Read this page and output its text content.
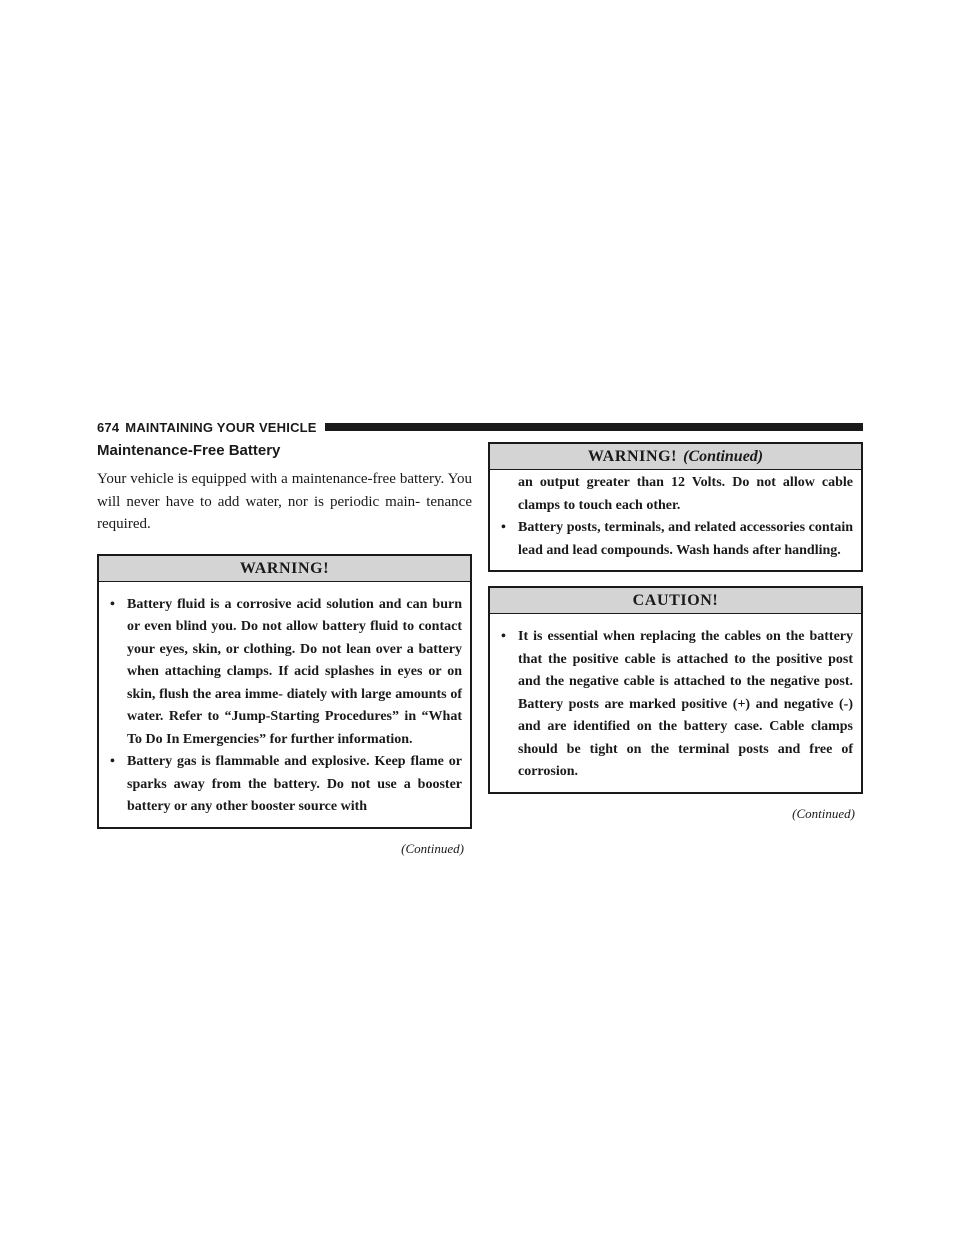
674 MAINTAINING YOUR VEHICLE
Maintenance-Free Battery

Your vehicle is equipped with a maintenance-free battery. You will never have to add water, nor is periodic main- tenance required.

WARNING!
• Battery fluid is a corrosive acid solution and can burn or even blind you. Do not allow battery fluid to contact your eyes, skin, or clothing. Do not lean over a battery when attaching clamps. If acid splashes in eyes or on skin, flush the area imme- diately with large amounts of water. Refer to “Jump-Starting Procedures” in “What To Do In Emergencies” for further information.
• Battery gas is flammable and explosive. Keep flame or sparks away from the battery. Do not use a booster battery or any other booster source with
(Continued)
WARNING! (Continued)

an output greater than 12 Volts. Do not allow cable clamps to touch each other.

• Battery posts, terminals, and related accessories contain lead and lead compounds. Wash hands after handling.
CAUTION!
• It is essential when replacing the cables on the battery that the positive cable is attached to the positive post and the negative cable is attached to the negative post. Battery posts are marked positive (+) and negative (-) and are identified on the battery case. Cable clamps should be tight on the terminal posts and free of corrosion.
(Continued)
